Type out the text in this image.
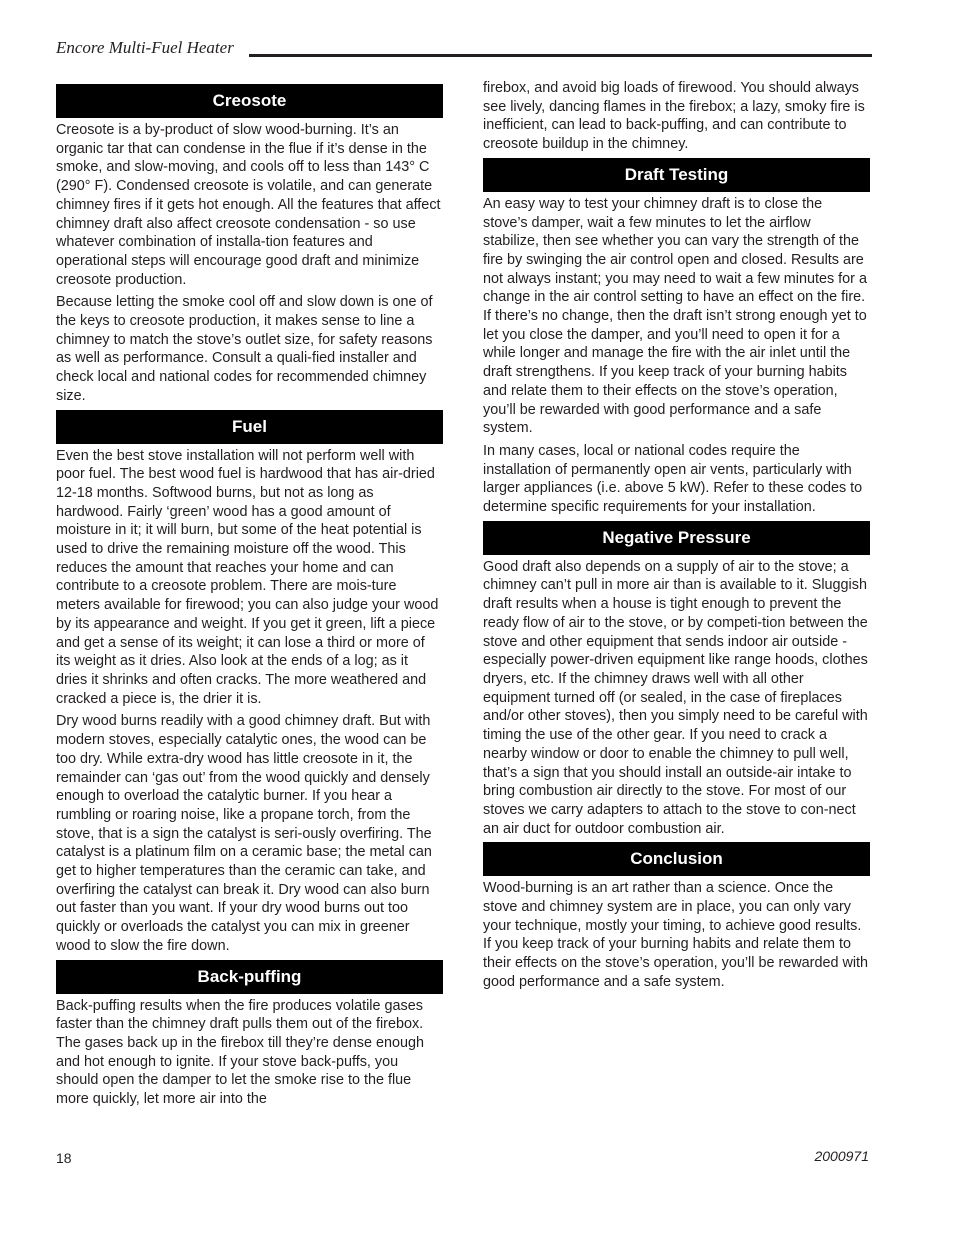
Encore Multi-Fuel Heater
Creosote

Creosote is a by-product of slow wood-burning. It’s an organic tar that can condense in the flue if it’s dense in the smoke, and slow-moving, and cools off to less than 143° C (290° F). Condensed creosote is volatile, and can generate chimney fires if it gets hot enough. All the features that affect chimney draft also affect creosote condensation - so use whatever combination of installa-tion features and operational steps will encourage good draft and minimize creosote production.

Because letting the smoke cool off and slow down is one of the keys to creosote production, it makes sense to line a chimney to match the stove’s outlet size, for safety reasons as well as performance. Consult a quali-fied installer and check local and national codes for recommended chimney size.

Fuel

Even the best stove installation will not perform well with poor fuel. The best wood fuel is hardwood that has air-dried 12-18 months. Softwood burns, but not as long as hardwood. Fairly ‘green’ wood has a good amount of moisture in it; it will burn, but some of the heat potential is used to drive the remaining moisture off the wood. This reduces the amount that reaches your home and can contribute to a creosote problem. There are mois-ture meters available for firewood; you can also judge your wood by its appearance and weight. If you get it green, lift a piece and get a sense of its weight; it can lose a third or more of its weight as it dries. Also look at the ends of a log; as it dries it shrinks and often cracks. The more weathered and cracked a piece is, the drier it is.

Dry wood burns readily with a good chimney draft. But with modern stoves, especially catalytic ones, the wood can be too dry. While extra-dry wood has little creosote in it, the remainder can ‘gas out’ from the wood quickly and densely enough to overload the catalytic burner. If you hear a rumbling or roaring noise, like a propane torch, from the stove, that is a sign the catalyst is seri-ously overfiring. The catalyst is a platinum film on a ceramic base; the metal can get to higher temperatures than the ceramic can take, and overfiring the catalyst can break it. Dry wood can also burn out faster than you want. If your dry wood burns out too quickly or overloads the catalyst you can mix in greener wood to slow the fire down.

Back-puffing

Back-puffing results when the fire produces volatile gases faster than the chimney draft pulls them out of the firebox. The gases back up in the firebox till they’re dense enough and hot enough to ignite. If your stove back-puffs, you should open the damper to let the smoke rise to the flue more quickly, let more air into the

firebox, and avoid big loads of firewood. You should always see lively, dancing flames in the firebox; a lazy, smoky fire is inefficient, can lead to back-puffing, and can contribute to creosote buildup in the chimney.

Draft Testing

An easy way to test your chimney draft is to close the stove’s damper, wait a few minutes to let the airflow stabilize, then see whether you can vary the strength of the fire by swinging the air control open and closed. Results are not always instant; you may need to wait a few minutes for a change in the air control setting to have an effect on the fire. If there’s no change, then the draft isn’t strong enough yet to let you close the damper, and you’ll need to open it for a while longer and manage the fire with the air inlet until the draft strengthens. If you keep track of your burning habits and relate them to their effects on the stove’s operation, you’ll be rewarded with good performance and a safe system.

In many cases, local or national codes require the installation of permanently open air vents, particularly with larger appliances (i.e. above 5 kW). Refer to these codes to determine specific requirements for your installation.

Negative Pressure

Good draft also depends on a supply of air to the stove; a chimney can’t pull in more air than is available to it. Sluggish draft results when a house is tight enough to prevent the ready flow of air to the stove, or by competi-tion between the stove and other equipment that sends indoor air outside - especially power-driven equipment like range hoods, clothes dryers, etc. If the chimney draws well with all other equipment turned off (or sealed, in the case of fireplaces and/or other stoves), then you simply need to be careful with timing the use of the other gear. If you need to crack a nearby window or door to enable the chimney to pull well, that’s a sign that you should install an outside-air intake to bring combustion air directly to the stove. For most of our stoves we carry adapters to attach to the stove to con-nect an air duct for outdoor combustion air.

Conclusion

Wood-burning is an art rather than a science. Once the stove and chimney system are in place, you can only vary your technique, mostly your timing, to achieve good results. If you keep track of your burning habits and relate them to their effects on the stove’s operation, you’ll be rewarded with good performance and a safe system.

18	2000971
